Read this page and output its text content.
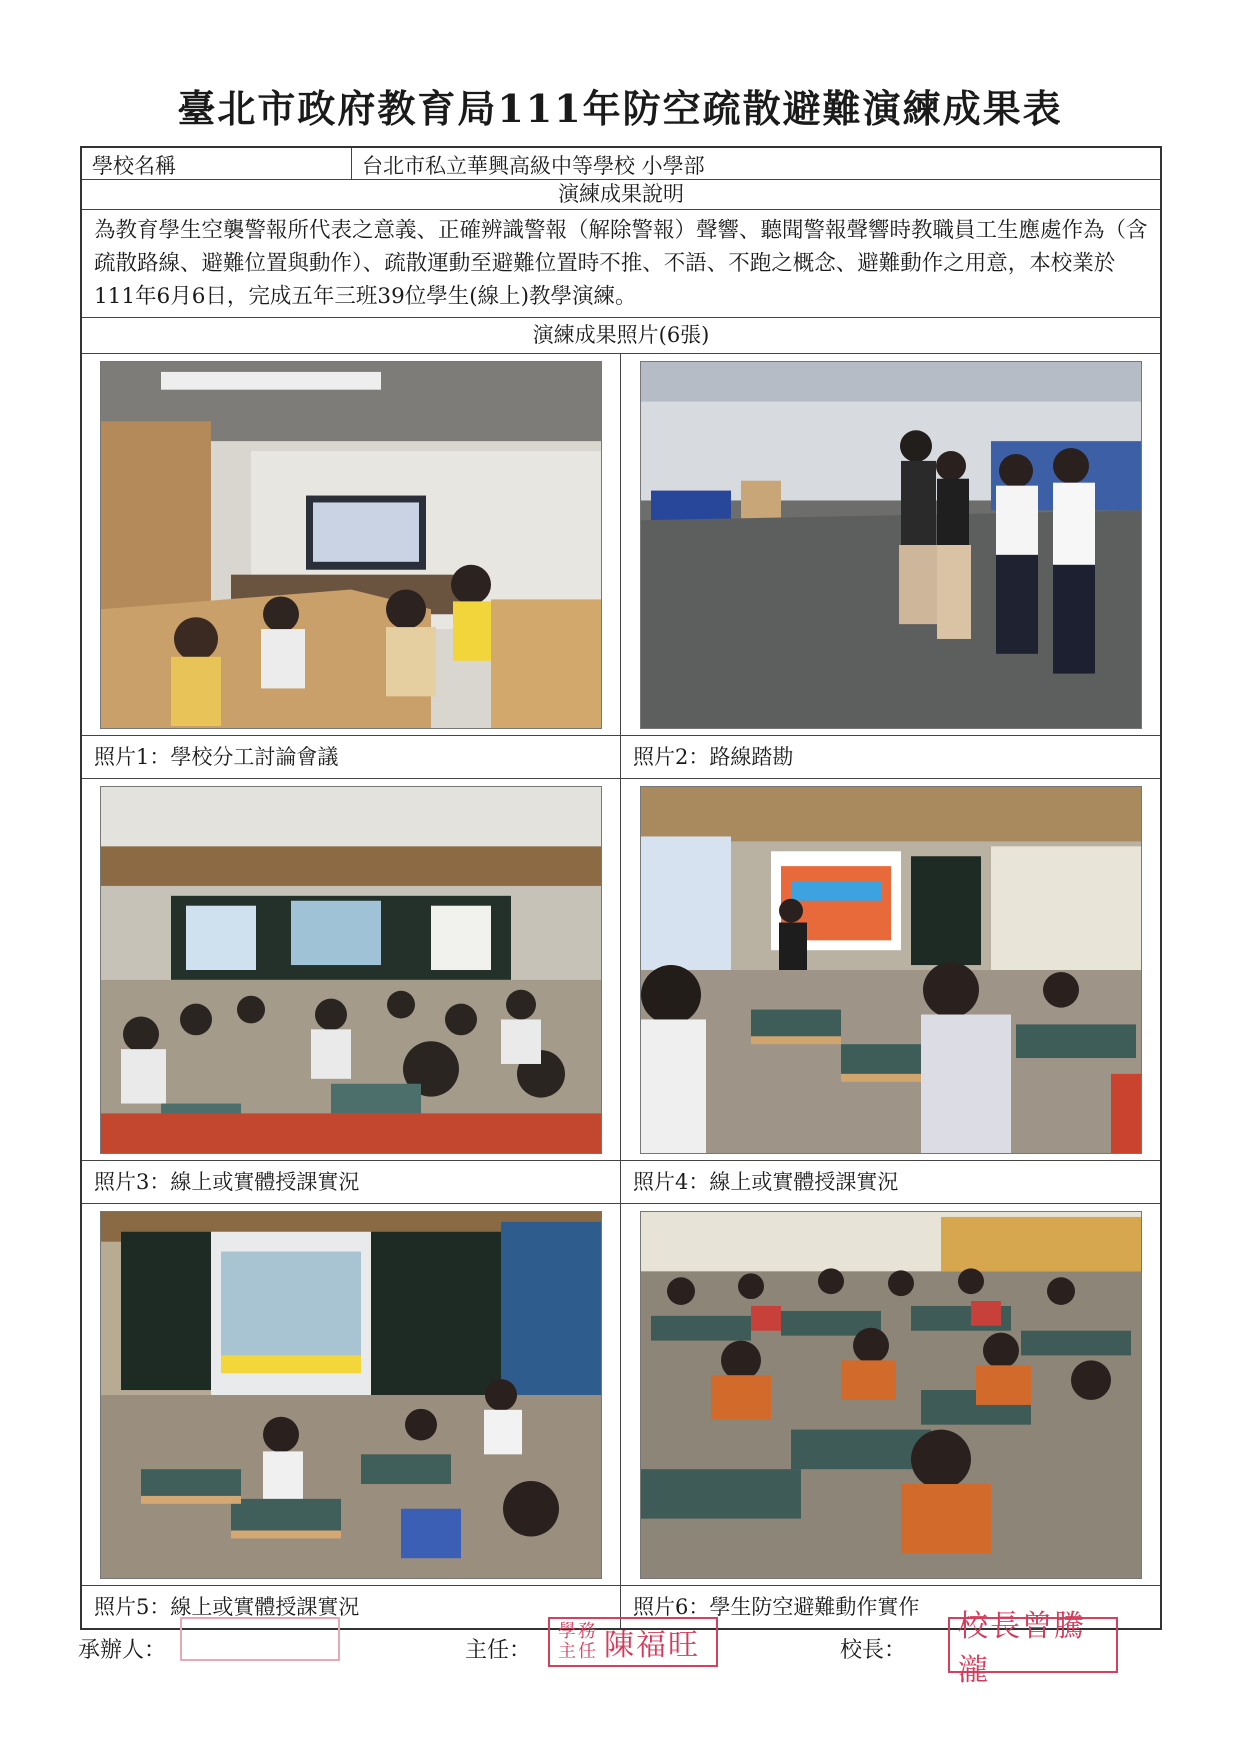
臺北市政府教育局111年防空疏散避難演練成果表
學校名稱	台北市私立華興高級中等學校 小學部
演練成果說明
為教育學生空襲警報所代表之意義、正確辨識警報（解除警報）聲響、聽聞警報聲響時教職員工生應處作為（含疏散路線、避難位置與動作）、疏散運動至避難位置時不推、不語、不跑之概念、避難動作之用意，本校業於111年6月6日，完成五年三班39位學生(線上)教學演練。
演練成果照片(6張)
照片1：學校分工討論會議	照片2：路線踏勘
照片3：線上或實體授課實況	照片4：線上或實體授課實況
照片5：線上或實體授課實況	照片6：學生防空避難動作實作
承辦人：	主任：
學務主任 陳福旺	校長：
校長曾騰瀧
